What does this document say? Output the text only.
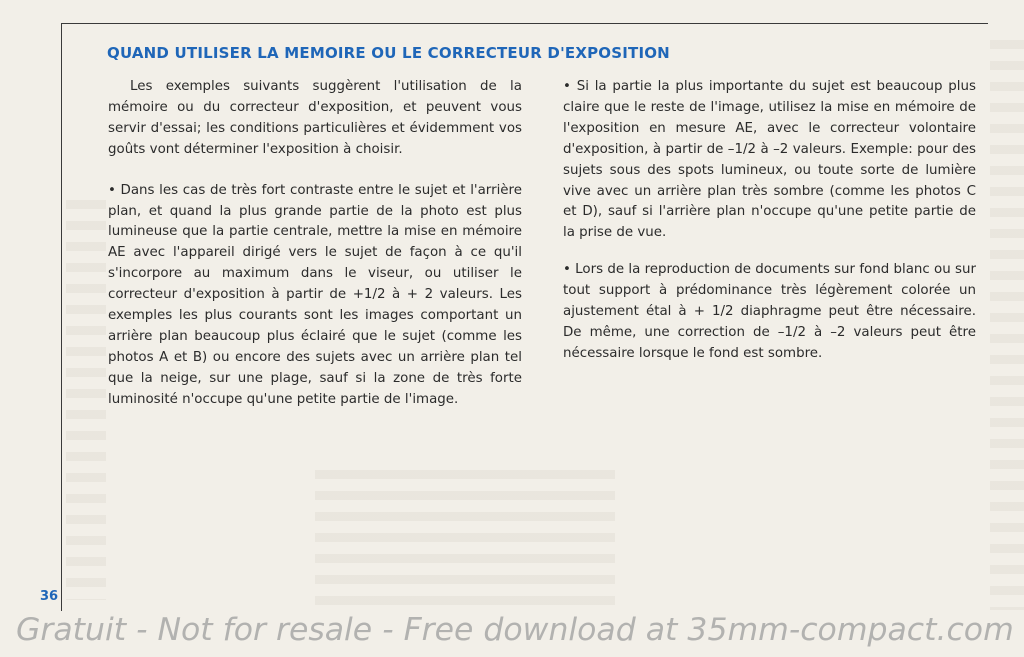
QUAND UTILISER LA MEMOIRE OU LE CORRECTEUR D'EXPOSITION

Les exemples suivants suggèrent l'utilisation de la mémoire ou du correcteur d'exposition, et peuvent vous servir d'essai; les conditions particulières et évidemment vos goûts vont déterminer l'exposition à choisir.

• Dans les cas de très fort contraste entre le sujet et l'arrière plan, et quand la plus grande partie de la photo est plus lumineuse que la partie centrale, mettre la mise en mémoire AE avec l'appareil dirigé vers le sujet de façon à ce qu'il s'incorpore au maximum dans le viseur, ou utiliser le correcteur d'exposition à partir de +1/2 à + 2 valeurs. Les exemples les plus courants sont les images comportant un arrière plan beaucoup plus éclairé que le sujet (comme les photos A et B) ou encore des sujets avec un arrière plan tel que la neige, sur une plage, sauf si la zone de très forte luminosité n'occupe qu'une petite partie de l'image.

• Si la partie la plus importante du sujet est beaucoup plus claire que le reste de l'image, utilisez la mise en mémoire de l'exposition en mesure AE, avec le correcteur volontaire d'exposition, à partir de –1/2 à –2 valeurs. Exemple: pour des sujets sous des spots lumineux, ou toute sorte de lumière vive avec un arrière plan très sombre (comme les photos C et D), sauf si l'arrière plan n'occupe qu'une petite partie de la prise de vue.

• Lors de la reproduction de documents sur fond blanc ou sur tout support à prédominance très légèrement colorée un ajustement étal à + 1/2 diaphragme peut être nécessaire. De même, une correction de –1/2 à –2 valeurs peut être nécessaire lorsque le fond est sombre.

36

Gratuit - Not for resale - Free download at 35mm-compact.com
